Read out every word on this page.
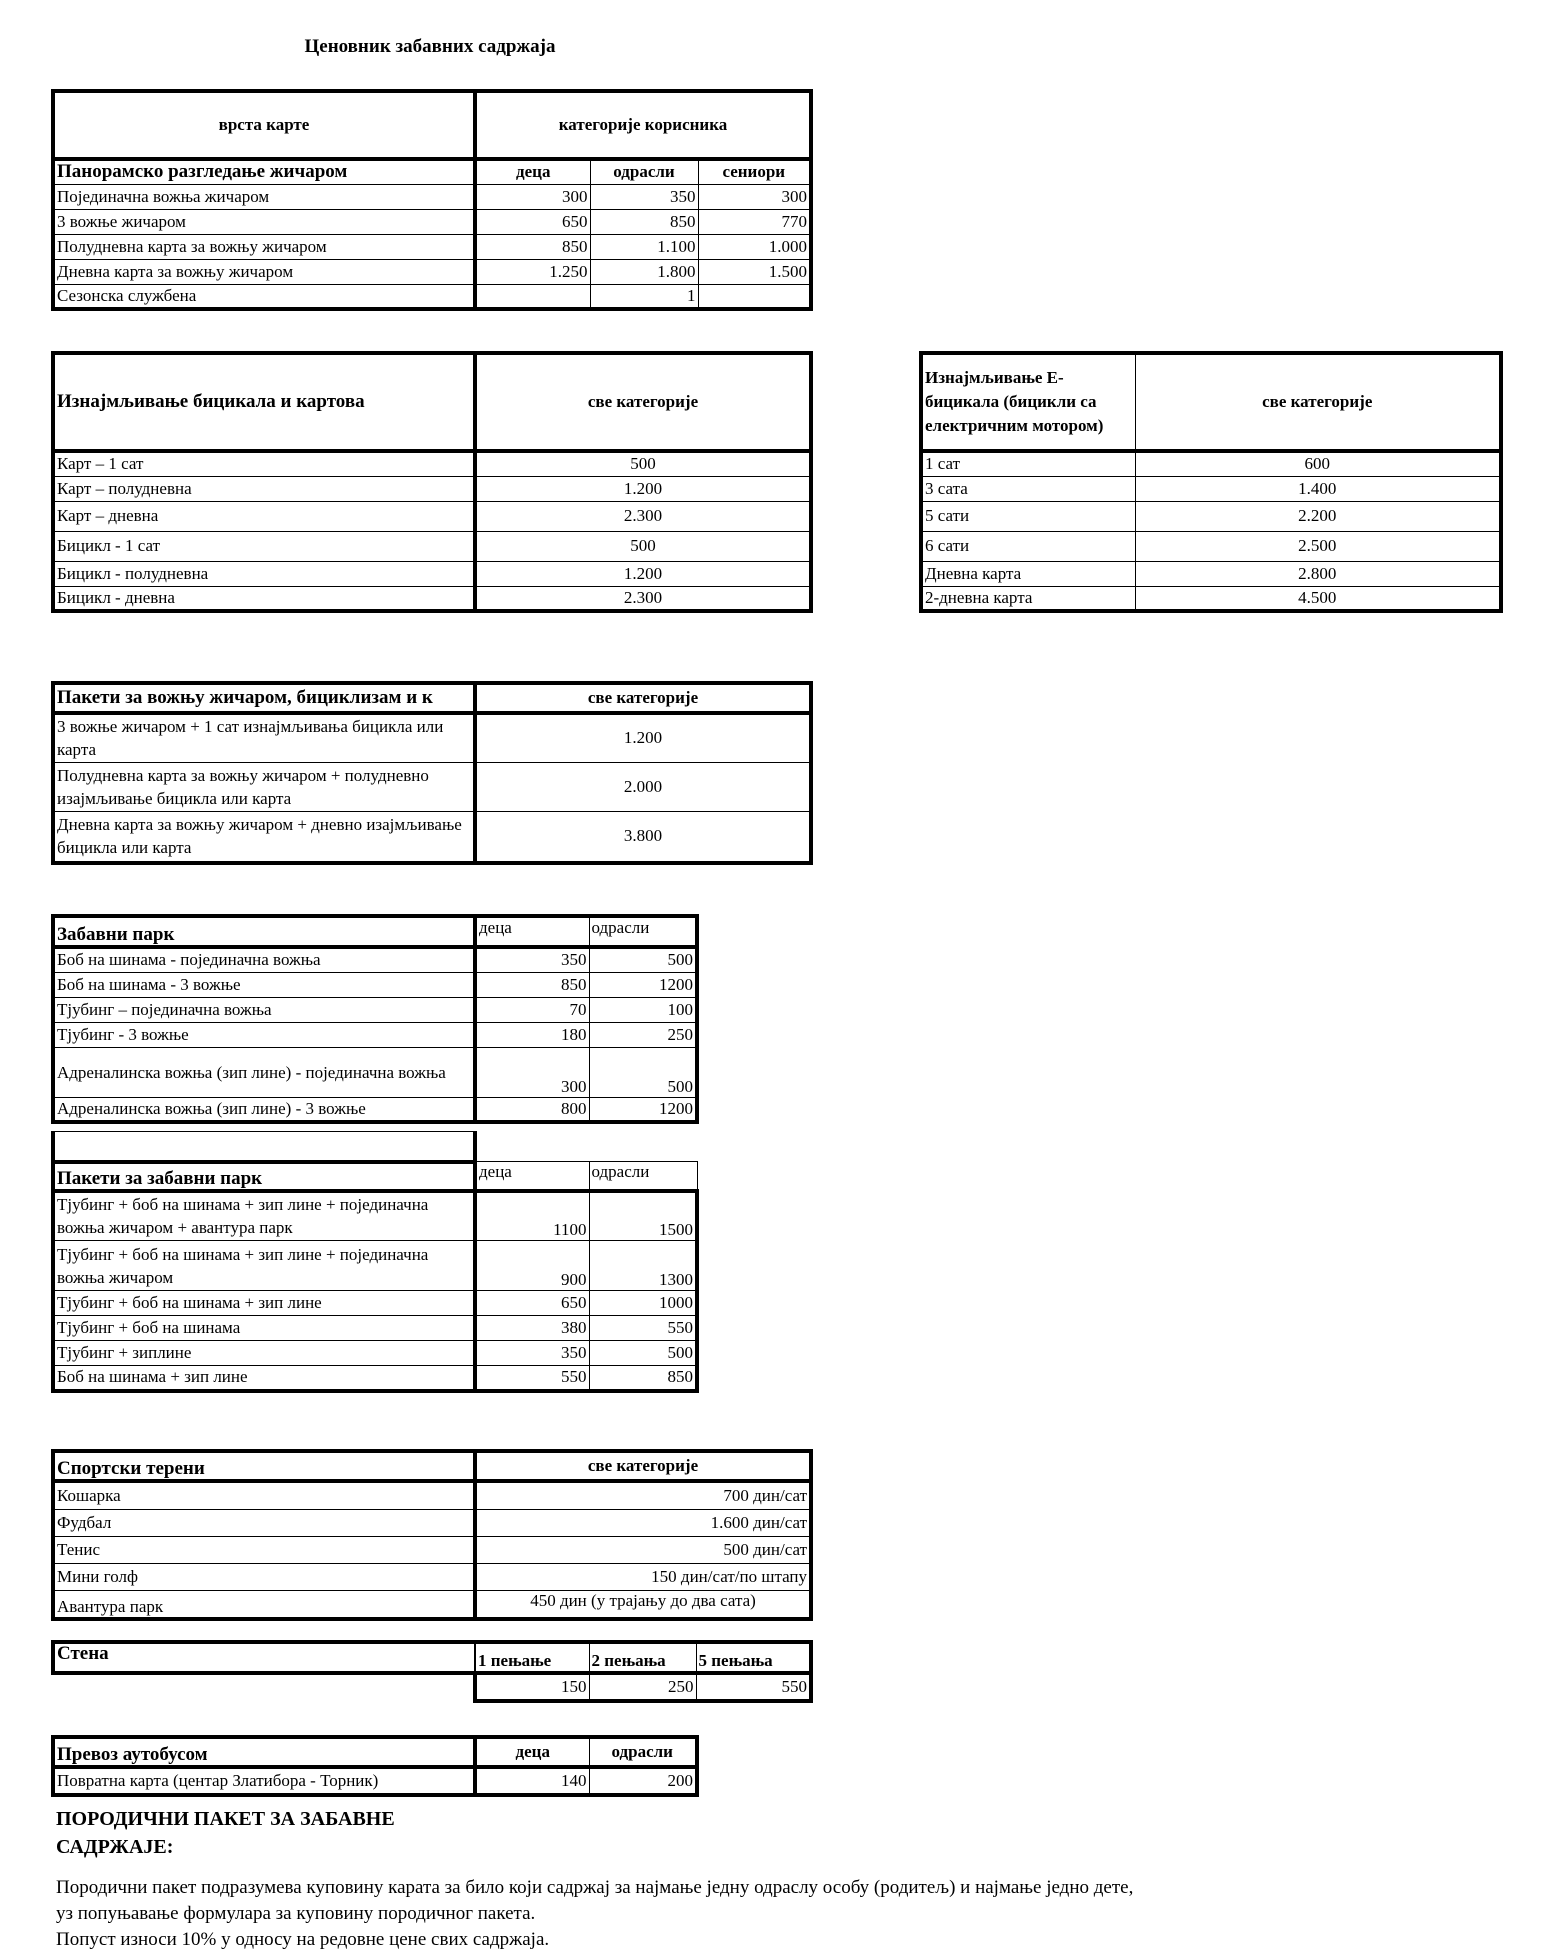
Ценовник забавних садржаја
врста карте	категорије корисника		
Панорамско разгледање жичаром	деца	одрасли	сениори
Појединачна вожња жичаром	300	350	300
3 вожње жичаром	650	850	770
Полудневна карта за вожњу жичаром	850	1.100	1.000
Дневна карта за вожњу жичаром	1.250	1.800	1.500
Сезонска службена		1	
Изнајмљивање бицикала и картова	све категорије
Карт – 1 сат	500
Карт – полудневна	1.200
Карт – дневна	2.300
Бицикл - 1 сат	500
Бицикл - полудневна	1.200
Бицикл - дневна	2.300
Изнајмљивање Е-бицикала (бицикли са електричним мотором)	све категорије
1 сат	600
3 сата	1.400
5 сати	2.200
6 сати	2.500
Дневна карта	2.800
2-дневна карта	4.500
Пакети за вожњу жичаром, бициклизам и к	све категорије
3 вожње жичаром + 1 сат изнајмљивања бицикла или карта	1.200
Полудневна карта за вожњу жичаром + полудневно изајмљивање бицикла или карта	2.000
Дневна карта за вожњу жичаром + дневно изајмљивање бицикла или карта	3.800
Забавни парк	деца	одрасли
Боб на шинама - појединачна вожња	350	500
Боб на шинама - 3 вожње	850	1200
Тјубинг – појединачна вожња	70	100
Тјубинг - 3 вожње	180	250
Адреналинска вожња (зип лине) - појединачна вожња	300	500
Адреналинска вожња (зип лине) - 3 вожње	800	1200

Пакети за забавни парк	деца	одрасли
Тјубинг + боб на шинама + зип лине + појединачна вожња жичаром + авантура парк	1100	1500
Тјубинг + боб на шинама + зип лине + појединачна вожња жичаром	900	1300
Тјубинг + боб на шинама + зип лине	650	1000
Тјубинг + боб на шинама	380	550
Тјубинг + зиплине	350	500
Боб на шинама + зип лине	550	850
Спортски терени	све категорије
Кошарка	700 дин/сат
Фудбал	1.600 дин/сат
Тенис	500 дин/сат
Мини голф	150 дин/сат/по штапу
Авантура парк	450 дин (у трајању до два сата)
Стена	1 пењање	2 пењања	5 пењања
	150	250	550
Превоз аутобусом	деца	одрасли
Повратна карта (центар Златибора - Торник)	140	200
ПОРОДИЧНИ ПАКЕТ ЗА ЗАБАВНЕ САДРЖАЈЕ:
Породични пакет подразумева куповину карата за било који садржај за најмање једну одраслу особу (родитељ) и најмање једно дете,
уз попуњавање формулара за куповину породичног пакета.
Попуст износи 10% у односу на редовне цене свих садржаја.
